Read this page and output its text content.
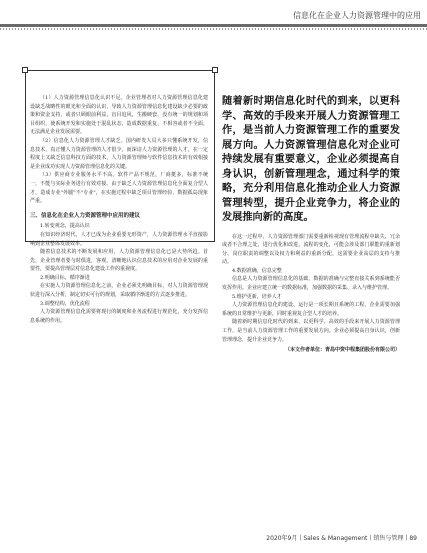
信息化在企业人力资源管理中的应用

（1）人力资源管理信息化认识不足。企业管理者对人力资源管理信息化建设缺乏战略性的眼光和全面的认识，导致人力资源管理信息化建设缺少必要的政策和资金支持，或者只顾眼前利益，盲目追风，生搬硬套，没有统一的规划和项目组织，使系统开发和实施处于混乱状态，造成数据重复、不相容或者不全面，无法满足企业发展需要。

（2）信息化人力资源管理人才缺乏。国内研发人员大多只懂系统开发，信息技术，真正懂人力资源管理的人才很少，而深谙人力资源管理的人才，在一定程度上又缺乏信息科技方面的技术，人力资源管理师与软件信息技术的有效相接是企业成功实现人力资源管理信息化的关键。

（3）供应商专业服务水平不高。软件产品不规范，厂商挺多，标准不统一，不能与实际业务进行有效对接。由于缺乏人力资源管理信息化全面复合型人才，造成专业"外腿"不"专业"，在实施过程中缺乏项目管理经验，数据孤岛现象严重。

三、信息化在企业人力资源管理中应用的建议

1.转变观念，提高认识

在知识经济时代，人才已成为企业重要无形资产，人力资源管理水平直接影响到企业整体发展效率。

随着信息技术的不断发展和应用，人力资源管理信息化已是大势所趋。首先，企业管理者要与时俱进，客观、清晰地认识信息技术的应用对企业发展的重要性，要提高管理层对信息化建设工作的重视度。

2.明确目标，循序渐进

在实施人力资源管理信息化之前，企业必须先明确目标，对人力资源管理现状进行深入分析，制定切实可行的规划，采取循序渐进的方式逐步推进。

3.调整结构，优化流程

人力资源管理信息化需要将现行的制度和业务流程进行规范化，充分发挥信息系统的作用。

随着新时期信息化时代的到来，以更科学、高效的手段来开展人力资源管理工作，是当前人力资源管理工作的重要发展方向。人力资源管理信息化对企业可持续发展有重要意义，企业必须提高自身认识，创新管理理念，通过科学的策略，充分利用信息化推动企业人力资源管理转型，提升企业竞争力，将企业的发展推向新的高度。

在这一过程中，人力资源管理部门需要重新检视现有管理流程中缺失、冗余或者不合理之处，进行优化和改进。流程的变化，可能会涉及部门职能的重新划分、岗位职责的调整以及权力和利益的重新分配，这需要企业高层的支持与推动。

4.数据准确，信息完整

信息是人力资源管理信息化的基础。数据的准确与完整直接关系到系统能否发挥作用。企业应建立统一的数据标准，加强数据的采集、录入与维护管理。

5.维护更新，培养人才

人力资源管理信息化的建设、运行是一项长期且系统的工程，企业需要加强系统的日常维护与更新，同时重视复合型人才的培养。

随着新时期信息化时代的到来，以更科学、高效的手段来开展人力资源管理工作，是当前人力资源管理工作的重要发展方向。企业必须提高自身认识，创新管理理念，提升企业竞争力。

（本文作者单位：青岛中资中程集团股份有限公司）
2020年9月丨Sales & Management丨销售与管理丨89
